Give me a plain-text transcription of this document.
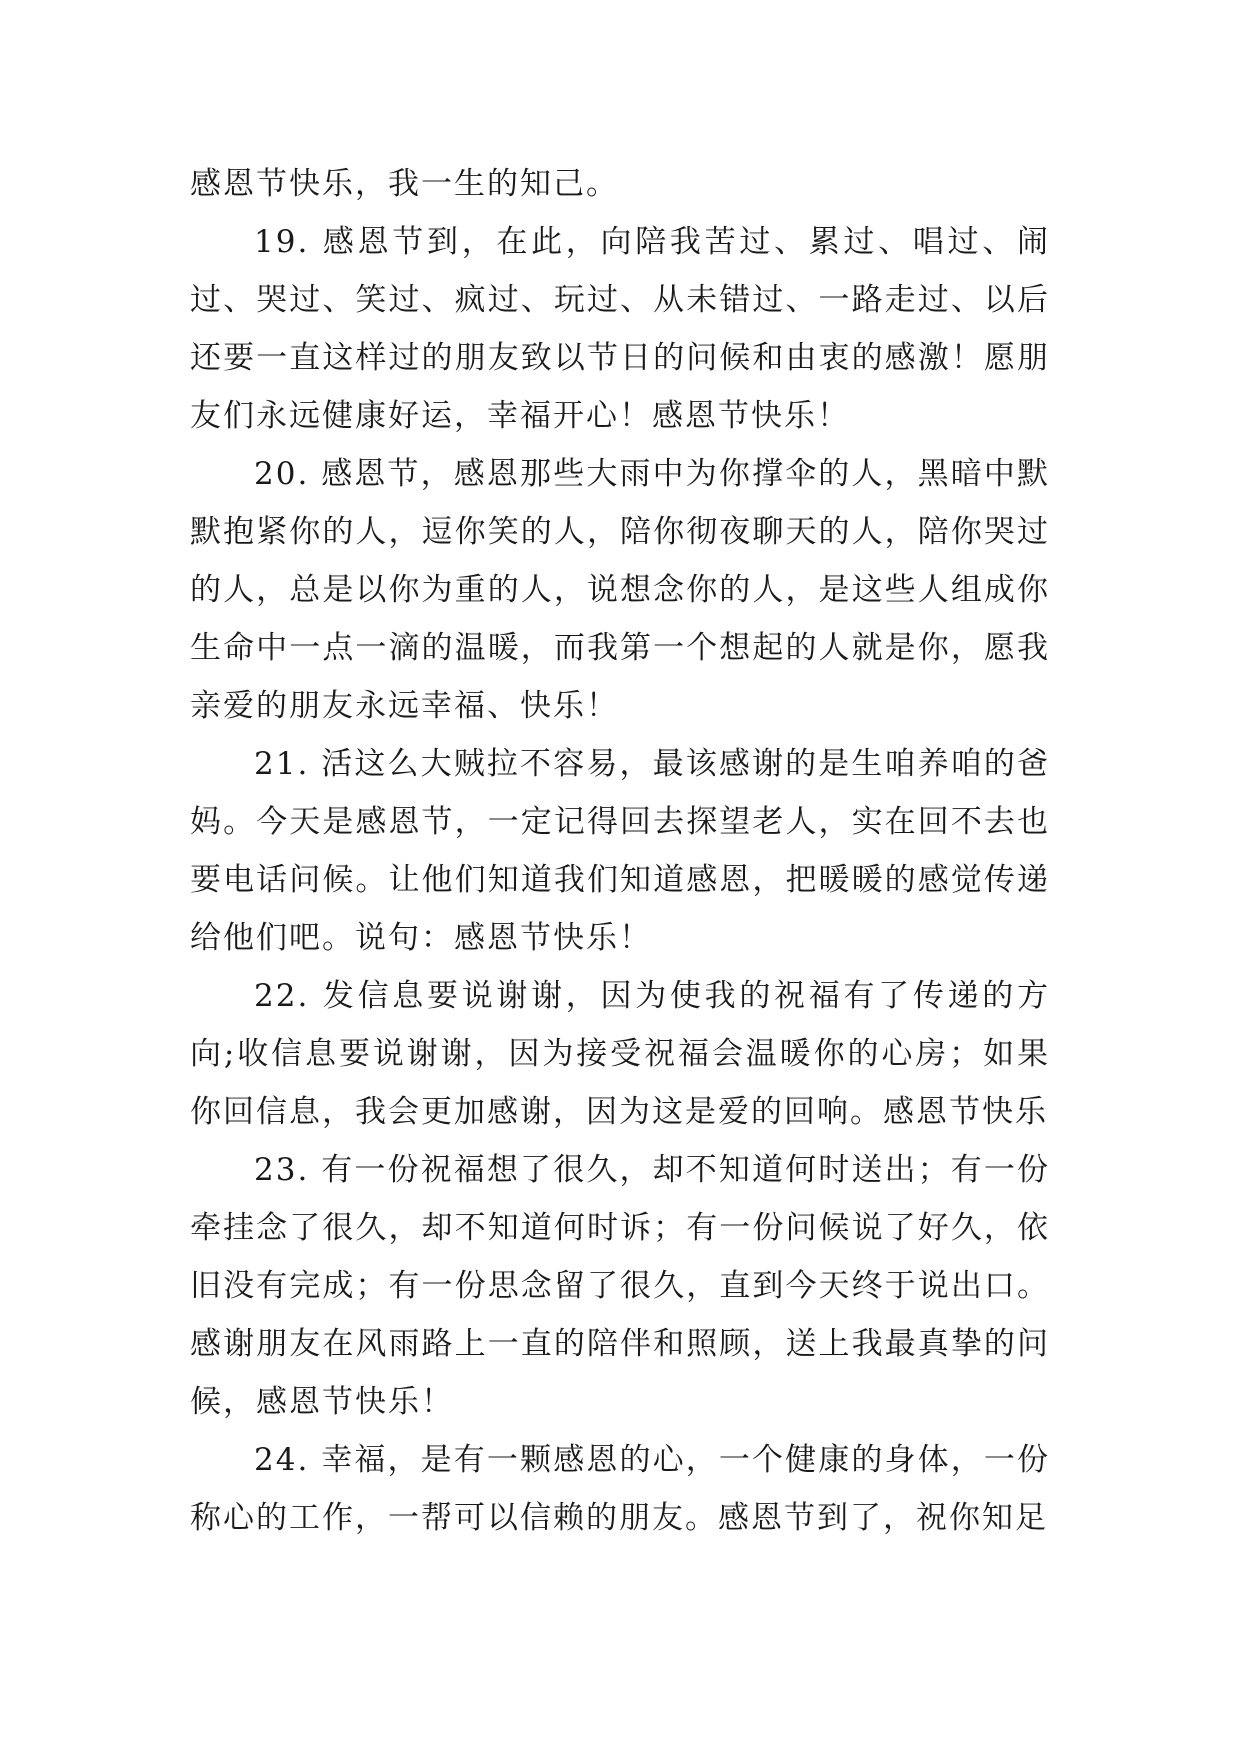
感恩节快乐，我一生的知己。

19. 感恩节到，在此，向陪我苦过、累过、唱过、闹过、哭过、笑过、疯过、玩过、从未错过、一路走过、以后还要一直这样过的朋友致以节日的问候和由衷的感激！愿朋友们永远健康好运，幸福开心！感恩节快乐！

20. 感恩节，感恩那些大雨中为你撑伞的人，黑暗中默默抱紧你的人，逗你笑的人，陪你彻夜聊天的人，陪你哭过的人，总是以你为重的人，说想念你的人，是这些人组成你生命中一点一滴的温暖，而我第一个想起的人就是你，愿我亲爱的朋友永远幸福、快乐！

21. 活这么大贼拉不容易，最该感谢的是生咱养咱的爸妈。今天是感恩节，一定记得回去探望老人，实在回不去也要电话问候。让他们知道我们知道感恩，把暖暖的感觉传递给他们吧。说句：感恩节快乐！

22. 发信息要说谢谢，因为使我的祝福有了传递的方向;收信息要说谢谢，因为接受祝福会温暖你的心房；如果你回信息，我会更加感谢，因为这是爱的回响。感恩节快乐

23. 有一份祝福想了很久，却不知道何时送出；有一份牵挂念了很久，却不知道何时诉；有一份问候说了好久，依旧没有完成；有一份思念留了很久，直到今天终于说出口。感谢朋友在风雨路上一直的陪伴和照顾，送上我最真挚的问候，感恩节快乐！

24. 幸福，是有一颗感恩的心，一个健康的身体，一份称心的工作，一帮可以信赖的朋友。感恩节到了，祝你知足
